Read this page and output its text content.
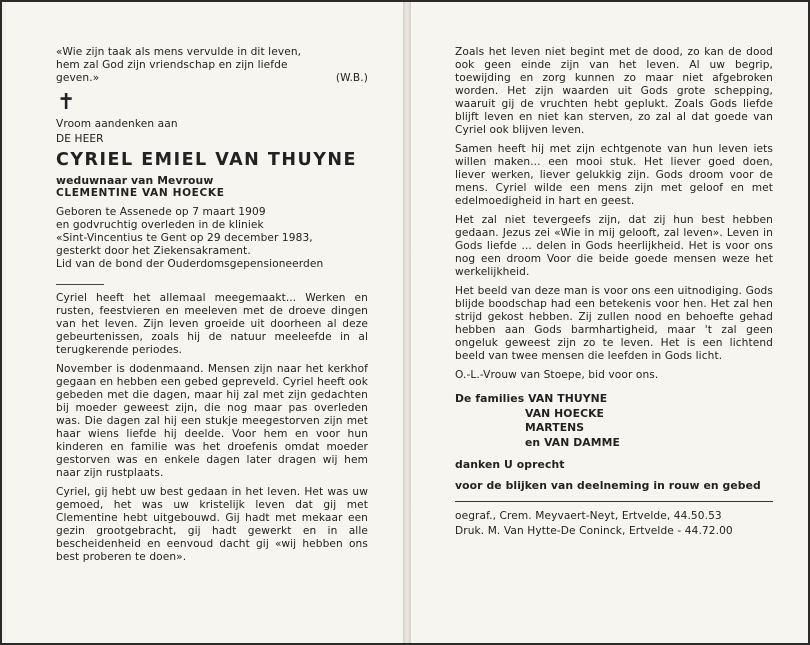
«Wie zijn taak als mens vervulde in dit leven,

hem zal God zijn vriendschap en zijn liefde

geven.»	(W.B.)

✝

Vroom aandenken aan

DE HEER

CYRIEL EMIEL VAN THUYNE

weduwnaar van Mevrouw

CLEMENTINE VAN HOECKE

Geboren te Assenede op 7 maart 1909

en godvruchtig overleden in de kliniek

«Sint-Vincentius te Gent op 29 december 1983,

gesterkt door het Ziekensakrament.

Lid van de bond der Ouderdomsgepensioneerden

Cyriel heeft het allemaal meegemaakt... Werken en rusten, feestvieren en meeleven met de droeve dingen van het leven. Zijn leven groeide uit doorheen al deze gebeurtenissen, zoals hij de natuur meeleefde in al terugkerende periodes.

November is dodenmaand. Mensen zijn naar het kerkhof gegaan en hebben een gebed gepreveld. Cyriel heeft ook gebeden met die dagen, maar hij zal met zijn gedachten bij moeder geweest zijn, die nog maar pas overleden was. Die dagen zal hij een stukje meegestorven zijn met haar wiens liefde hij deelde. Voor hem en voor hun kinderen en familie was het droefenis omdat moeder gestorven was en enkele dagen later dragen wij hem naar zijn rustplaats.

Cyriel, gij hebt uw best gedaan in het leven. Het was uw gemoed, het was uw kristelijk leven dat gij met Clementine hebt uitgebouwd. Gij hadt met mekaar een gezin grootgebracht, gij hadt gewerkt en in alle bescheidenheid en eenvoud dacht gij «wij hebben ons best proberen te doen».

Zoals het leven niet begint met de dood, zo kan de dood ook geen einde zijn van het leven. Al uw begrip, toewijding en zorg kunnen zo maar niet afgebroken worden. Het zijn waarden uit Gods grote schepping, waaruit gij de vruchten hebt geplukt. Zoals Gods liefde blijft leven en niet kan sterven, zo zal al dat goede van Cyriel ook blijven leven.

Samen heeft hij met zijn echtgenote van hun leven iets willen maken... een mooi stuk. Het liever goed doen, liever werken, liever gelukkig zijn. Gods droom voor de mens. Cyriel wilde een mens zijn met geloof en met edelmoedigheid in hart en geest.

Het zal niet tevergeefs zijn, dat zij hun best hebben gedaan. Jezus zei «Wie in mij gelooft, zal leven». Leven in Gods liefde ... delen in Gods heerlijkheid. Het is voor ons nog een droom Voor die beide goede mensen weze het werkelijkheid.

Het beeld van deze man is voor ons een uitnodiging. Gods blijde boodschap had een betekenis voor hen. Het zal hen strijd gekost hebben. Zij zullen nood en behoefte gehad hebben aan Gods barmhartigheid, maar 't zal geen ongeluk geweest zijn zo te leven. Het is een lichtend beeld van twee mensen die leefden in Gods licht.

O.-L.-Vrouw van Stoepe, bid voor ons.

De families VAN THUYNE
VAN HOECKE
MARTENS
en VAN DAMME

danken U oprecht

voor de blijken van deelneming in rouw en gebed

oegraf., Crem. Meyvaert-Neyt, Ertvelde, 44.50.53

Druk. M. Van Hytte-De Coninck, Ertvelde - 44.72.00
